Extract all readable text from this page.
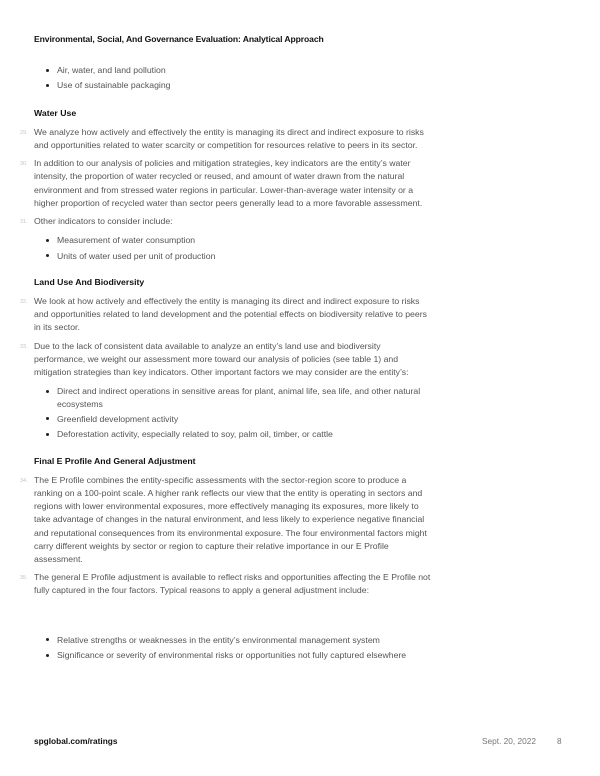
Environmental, Social, And Governance Evaluation: Analytical Approach
Air, water, and land pollution
Use of sustainable packaging
Water Use
29. We analyze how actively and effectively the entity is managing its direct and indirect exposure to risks and opportunities related to water scarcity or competition for resources relative to peers in its sector.
30. In addition to our analysis of policies and mitigation strategies, key indicators are the entity’s water intensity, the proportion of water recycled or reused, and amount of water drawn from the natural environment and from stressed water regions in particular. Lower-than-average water intensity or a higher proportion of recycled water than sector peers generally lead to a more favorable assessment.
31. Other indicators to consider include:
Measurement of water consumption
Units of water used per unit of production
Land Use And Biodiversity
32. We look at how actively and effectively the entity is managing its direct and indirect exposure to risks and opportunities related to land development and the potential effects on biodiversity relative to peers in its sector.
33. Due to the lack of consistent data available to analyze an entity’s land use and biodiversity performance, we weight our assessment more toward our analysis of policies (see table 1) and mitigation strategies than key indicators. Other important factors we may consider are the entity’s:
Direct and indirect operations in sensitive areas for plant, animal life, sea life, and other natural ecosystems
Greenfield development activity
Deforestation activity, especially related to soy, palm oil, timber, or cattle
Final E Profile And General Adjustment
34. The E Profile combines the entity-specific assessments with the sector-region score to produce a ranking on a 100-point scale. A higher rank reflects our view that the entity is operating in sectors and regions with lower environmental exposures, more effectively managing its exposures, more likely to take advantage of changes in the natural environment, and less likely to experience negative financial and reputational consequences from its environmental exposure. The four environmental factors might carry different weights by sector or region to capture their relative importance in our E Profile assessment.
35. The general E Profile adjustment is available to reflect risks and opportunities affecting the E Profile not fully captured in the four factors. Typical reasons to apply a general adjustment include:
Relative strengths or weaknesses in the entity’s environmental management system
Significance or severity of environmental risks or opportunities not fully captured elsewhere
spglobal.com/ratings	Sept. 20, 2022	8
